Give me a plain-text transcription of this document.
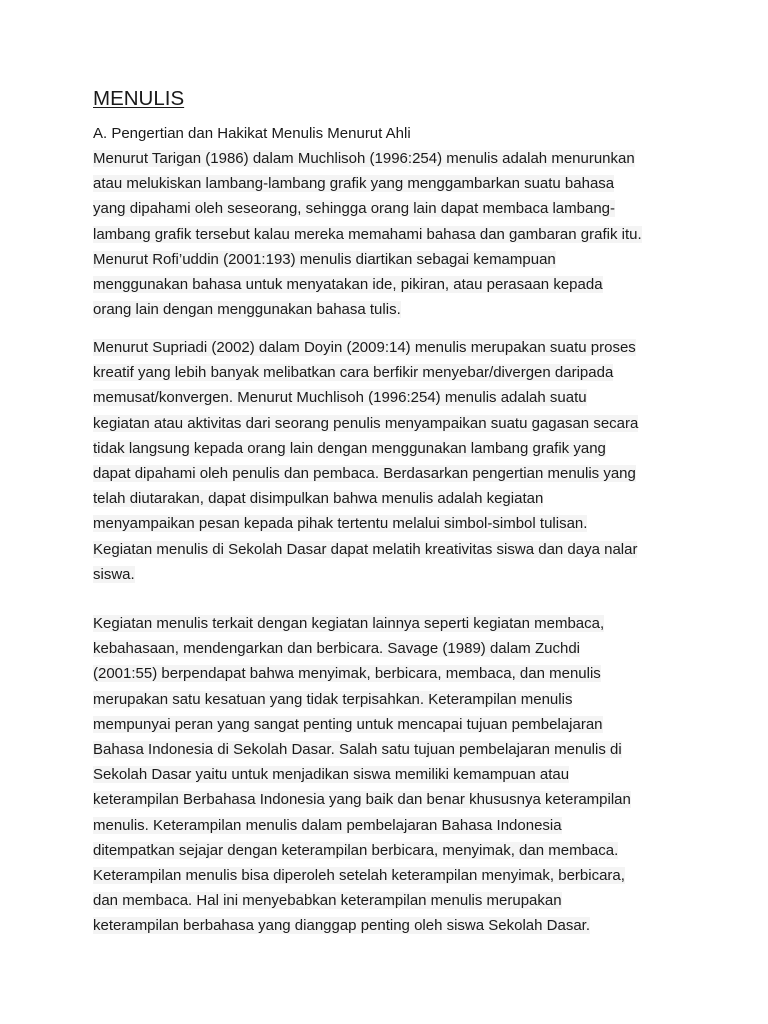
MENULIS
A. Pengertian dan Hakikat Menulis Menurut Ahli
Menurut Tarigan (1986) dalam Muchlisoh (1996:254) menulis adalah menurunkan
atau melukiskan lambang-lambang grafik yang menggambarkan suatu bahasa
yang dipahami oleh seseorang, sehingga orang lain dapat membaca lambang-
lambang grafik tersebut kalau mereka memahami bahasa dan gambaran grafik itu.
Menurut Rofi’uddin (2001:193) menulis diartikan sebagai kemampuan
menggunakan bahasa untuk menyatakan ide, pikiran, atau perasaan kepada
orang lain dengan menggunakan bahasa tulis.
Menurut Supriadi (2002) dalam Doyin (2009:14) menulis merupakan suatu proses
kreatif yang lebih banyak melibatkan cara berfikir menyebar/divergen daripada
memusat/konvergen. Menurut Muchlisoh (1996:254) menulis adalah suatu
kegiatan atau aktivitas dari seorang penulis menyampaikan suatu gagasan secara
tidak langsung kepada orang lain dengan menggunakan lambang grafik yang
dapat dipahami oleh penulis dan pembaca. Berdasarkan pengertian menulis yang
telah diutarakan, dapat disimpulkan bahwa menulis adalah kegiatan
menyampaikan pesan kepada pihak tertentu melalui simbol-simbol tulisan.
Kegiatan menulis di Sekolah Dasar dapat melatih kreativitas siswa dan daya nalar
siswa.
Kegiatan menulis terkait dengan kegiatan lainnya seperti kegiatan membaca,
kebahasaan, mendengarkan dan berbicara. Savage (1989) dalam Zuchdi
(2001:55) berpendapat bahwa menyimak, berbicara, membaca, dan menulis
merupakan satu kesatuan yang tidak terpisahkan. Keterampilan menulis
mempunyai peran yang sangat penting untuk mencapai tujuan pembelajaran
Bahasa Indonesia di Sekolah Dasar. Salah satu tujuan pembelajaran menulis di
Sekolah Dasar yaitu untuk menjadikan siswa memiliki kemampuan atau
keterampilan Berbahasa Indonesia yang baik dan benar khususnya keterampilan
menulis. Keterampilan menulis dalam pembelajaran Bahasa Indonesia
ditempatkan sejajar dengan keterampilan berbicara, menyimak, dan membaca.
Keterampilan menulis bisa diperoleh setelah keterampilan menyimak, berbicara,
dan membaca. Hal ini menyebabkan keterampilan menulis merupakan
keterampilan berbahasa yang dianggap penting oleh siswa Sekolah Dasar.
